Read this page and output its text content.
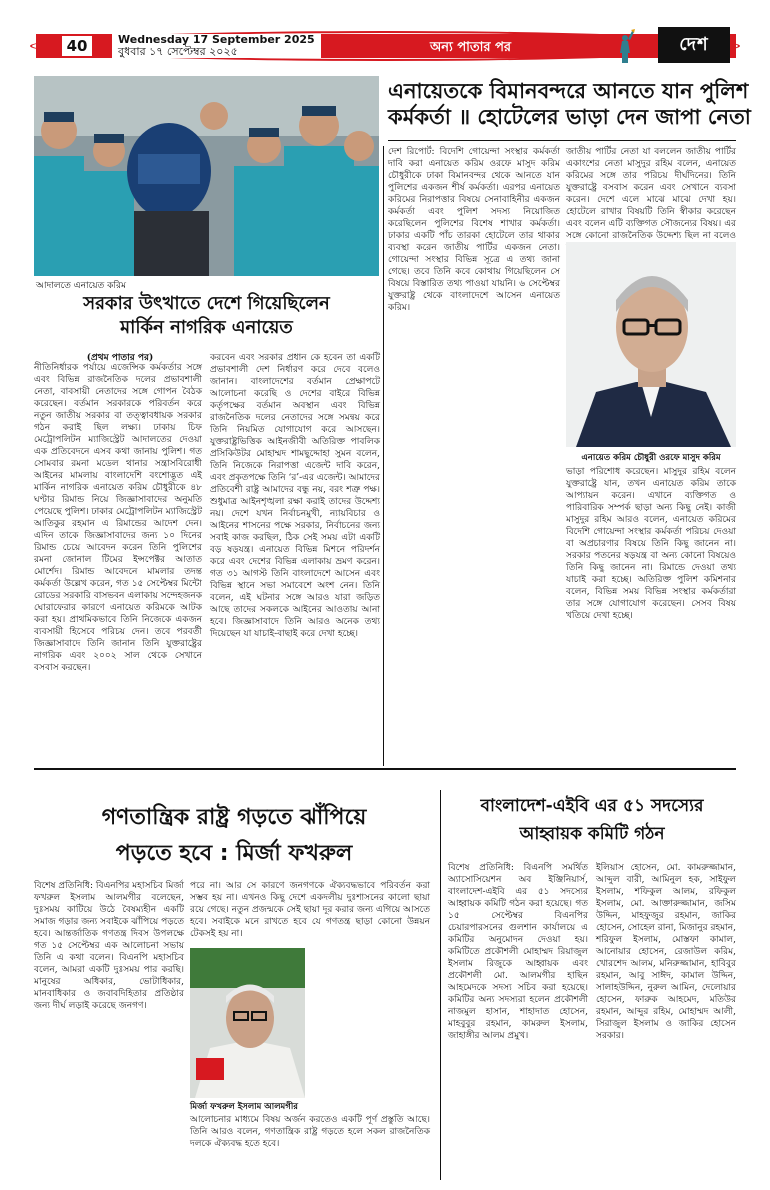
40	Wednesday 17 September 2025
বুধবার ১৭ সেপ্টেম্বর ২০২৫	অন্য পাতার পর	দেশ
আদালতে এনায়েত করিম
এনায়েতকে বিমানবন্দরে আনতে যান পুলিশ
কর্মকর্তা ॥ হোটেলের ভাড়া দেন জাপা নেতা
দেশ রিপোর্ট: বিদেশি গোয়েন্দা সংস্থার কর্মকর্তা দাবি করা এনায়েত করিম ওরফে মাসুদ করিম চৌধুরীকে ঢাকা বিমানবন্দর থেকে আনতে যান পুলিশের একজন শীর্ষ কর্মকর্তা। এরপর এনায়েত করিমের নিরাপত্তার বিষয়ে সেনাবাহিনীর একজন কর্মকর্তা এবং পুলিশ সদস্য নিয়োজিত করেছিলেন পুলিশের বিশেষ শাখার কর্মকর্তা। ঢাকার একটি পাঁচ তারকা হোটেলে তার থাকার ব্যবস্থা করেন জাতীয় পার্টির একজন নেতা। গোয়েন্দা সংস্থার বিভিন্ন সূত্রে এ তথ্য জানা গেছে। তবে তিনি কবে কোথায় গিয়েছিলেন সে বিষয়ে বিস্তারিত তথ্য পাওয়া যায়নি। ৬ সেপ্টেম্বর যুক্তরাষ্ট্র থেকে বাংলাদেশে আসেন এনায়েত করিম।
জাতীয় পার্টির নেতা যা বললেন জাতীয় পার্টির একাংশের নেতা মাসুদুর রহিম বলেন, এনায়েত করিমের সঙ্গে তার পরিচয় দীর্ঘদিনের। তিনি যুক্তরাষ্ট্রে বসবাস করেন এবং সেখানে ব্যবসা করেন। দেশে এলে মাঝে মাঝে দেখা হয়। হোটেলে রাখার বিষয়টি তিনি স্বীকার করেছেন এবং বলেন এটি ব্যক্তিগত সৌজন্যের বিষয়। এর সঙ্গে কোনো রাজনৈতিক উদ্দেশ্য ছিল না বলেও
এনায়েত করিম চৌধুরী ওরফে মাসুদ করিম
ভাড়া পরিশোধ করেছেন। মাসুদুর রহিম বলেন যুক্তরাষ্ট্রে যান, তখন এনায়েত করিম তাকে আপ্যায়ন করেন। এখানে ব্যক্তিগত ও পারিবারিক সম্পর্ক ছাড়া অন্য কিছু নেই। কাজী মাসুদুর রহিম আরও বলেন, এনায়েত করিমের বিদেশি গোয়েন্দা সংস্থার কর্মকর্তা পরিচয় দেওয়া বা অপ্রচারণার বিষয়ে তিনি কিছু জানেন না। সরকার পতনের ষড়যন্ত্র বা অন্য কোনো বিষয়েও তিনি কিছু জানেন না। রিমান্ডে দেওয়া তথ্য যাচাই করা হচ্ছে। অতিরিক্ত পুলিশ কমিশনার বলেন, বিভিন্ন সময় বিভিন্ন সংস্থার কর্মকর্তারা তার সঙ্গে যোগাযোগ করেছেন। সেসব বিষয় খতিয়ে দেখা হচ্ছে।
সরকার উৎখাতে দেশে গিয়েছিলেন
মার্কিন নাগরিক এনায়েত
(প্রথম পাতার পর)
নীতিনির্ধারক পর্যায়ে এজেন্সিক কর্মকর্তার সঙ্গে এবং বিভিন্ন রাজনৈতিক দলের প্রভাবশালী নেতা, বাবসায়ী নেতাদের সঙ্গে গোপন বৈঠক করেছেন। বর্তমান সরকারকে পরিবর্তন করে নতুন জাতীয় সরকার বা তত্ত্বাবধায়ক সরকার গঠন করাই ছিল লক্ষ্য। ঢাকায় চিফ মেট্রোপলিটন ম্যাজিস্ট্রেট আদালতের দেওয়া এক প্রতিবেদনে এসব কথা জানায় পুলিশ। গত সোমবার রমনা মডেল থানার সন্ত্রাসবিরোধী আইনের মামলায় বাংলাদেশি বংশোদ্ভূত এই মার্কিন নাগরিক এনায়েত করিম চৌধুরীকে ৪৮ ঘণ্টার রিমান্ড নিয়ে জিজ্ঞাসাবাদের অনুমতি পেয়েছে পুলিশ। ঢাকার মেট্রোপলিটন ম্যাজিস্ট্রেট আতিকুর রহমান এ রিমান্ডের আদেশ দেন। এদিন তাকে জিজ্ঞাসাবাদের জন্য ১০ দিনের রিমান্ড চেয়ে আবেদন করেন তিনি পুলিশের রমনা জোনাল টিমের ইন্সপেক্টর আতাত মোর্শেদ। রিমান্ড আবেদনে মামলার তদন্ত কর্মকর্তা উল্লেখ করেন, গত ১৫ সেপ্টেম্বর মিন্টো রোডের সরকারি বাসভবন এলাকায় সন্দেহজনক ঘোরাফেরার কারণে এনায়েত করিমকে আটক করা হয়। প্রাথমিকভাবে তিনি নিজেকে একজন ব্যবসায়ী হিসেবে পরিচয় দেন। তবে পরবর্তী জিজ্ঞাসাবাদে তিনি জানান তিনি যুক্তরাষ্ট্রের নাগরিক এবং ২০০২ সাল থেকে সেখানে বসবাস করছেন।
করবেন এবং সরকার প্রধান কে হবেন তা একটি প্রভাবশালী দেশ নির্ধারণ করে দেবে বলেও জানান। বাংলাদেশের বর্তমান প্রেক্ষাপটে আলোচনা করেছি ও দেশের বাইরে বিভিন্ন কর্তৃপক্ষের বর্তমান অবস্থান এবং বিভিন্ন রাজনৈতিক দলের নেতাদের সঙ্গে সমন্বয় করে তিনি নিয়মিত যোগাযোগ করে আসছেন। যুক্তরাষ্ট্রভিত্তিক আইনজীবী অতিরিক্ত পাবলিক প্রসিকিউটর মোহাম্মদ শামছুদ্দোহা সুমন বলেন, তিনি নিজেকে নিরাপত্তা এজেন্ট দাবি করেন, এবং প্রকৃতপক্ষে তিনি ‘র’-এর এজেন্ট। আমাদের প্রতিবেশী রাষ্ট্র আমাদের বন্ধু নয়, বরং শত্রু পক্ষ। শুধুমাত্র আইনশৃঙ্খলা রক্ষা করাই তাদের উদ্দেশ্য নয়। দেশে যখন নির্বাচনমুখী, ন্যায়বিচার ও আইনের শাসনের পক্ষে সরকার, নির্বাচনের জন্য সবাই কাজ করছিল, ঠিক সেই সময় এটা একটি বড় ষড়যন্ত্র। এনায়েত বিভিন্ন মিশনে পরিদর্শন করে এবং দেশের বিভিন্ন এলাকায় ভ্রমণ করেন। গত ৩১ আগস্ট তিনি বাংলাদেশে আসেন এবং বিভিন্ন স্থানে সভা সমাবেশে অংশ নেন। তিনি বলেন, এই ঘটনার সঙ্গে আরও যারা জড়িত আছে তাদের সকলকে আইনের আওতায় আনা হবে। জিজ্ঞাসাবাদে তিনি আরও অনেক তথ্য দিয়েছেন যা যাচাই-বাছাই করে দেখা হচ্ছে।
গণতান্ত্রিক রাষ্ট্র গড়তে ঝাঁপিয়ে
পড়তে হবে : মির্জা ফখরুল
বিশেষ প্রতিনিধি: বিএনপির মহাসচিব মির্জা ফখরুল ইসলাম আলমগীর বলেছেন, দুঃসময় কাটিয়ে উঠে বৈষম্যহীন একটি সমাজ গড়ার জন্য সবাইকে ঝাঁপিয়ে পড়তে হবে। আন্তর্জাতিক গণতন্ত্র দিবস উপলক্ষে গত ১৫ সেপ্টেম্বর এক আলোচনা সভায় তিনি এ কথা বলেন। বিএনপি মহাসচিব বলেন, আমরা একটি দুঃসময় পার করছি। মানুষের অধিকার, ভোটাধিকার, মানবাধিকার ও জবাবদিহিতার প্রতিষ্ঠার জন্য দীর্ঘ লড়াই করেছে জনগণ।
পরে না। আর সে কারণে জনগণকে ঐক্যবদ্ধভাবে পরিবর্তন করা সম্ভব হয় না। এখনও কিছু দেশে একদলীয় দুঃশাসনের কালো ছায়া রয়ে গেছে। নতুন প্রজন্মকে সেই ছায়া দূর করার জন্য এগিয়ে আসতে হবে। সবাইকে মনে রাখতে হবে যে গণতন্ত্র ছাড়া কোনো উন্নয়ন টেকসই হয় না।
মির্জা ফখরুল ইসলাম আলমগীর
আলোচনার মাধ্যমে বিষয় অর্জন করতেও একটি পূর্ণ প্রস্তুতি আছে। তিনি আরও বলেন, গণতান্ত্রিক রাষ্ট্র গড়তে হলে সকল রাজনৈতিক দলকে ঐক্যবদ্ধ হতে হবে।
বাংলাদেশ-এইবি এর ৫১ সদস্যের
আহ্বায়ক কমিটি গঠন
বিশেষ প্রতিনিধি: বিএনপি সমর্থিত অ্যাসোসিয়েশন অব ইঞ্জিনিয়ার্স, বাংলাদেশ-এইবি এর ৫১ সদস্যের আহ্বায়ক কমিটি গঠন করা হয়েছে। গত ১৫ সেপ্টেম্বর বিএনপির চেয়ারপারসনের গুলশান কার্যালয়ে এ কমিটির অনুমোদন দেওয়া হয়। কমিটিতে প্রকৌশলী মোহাম্মদ রিয়াজুল ইসলাম রিজুকে আহ্বায়ক এবং প্রকৌশলী মো. আলমগীর হাছিন আহমেদকে সদস্য সচিব করা হয়েছে। কমিটির অন্য সদস্যরা হলেন প্রকৌশলী নাজমুল হাসান, শাহাদাত হোসেন, মাহবুবুর রহমান, কামরুল ইসলাম, জাহাঙ্গীর আলম প্রমুখ।
ইলিয়াস হোসেন, মো. কামরুজ্জামান, আব্দুল বারী, আমিনুল হক, সাইফুল ইসলাম, শফিকুল আলম, রফিকুল ইসলাম, মো. আক্তারুজ্জামান, জসিম উদ্দিন, মাহফুজুর রহমান, জাকির হোসেন, সোহেল রানা, মিজানুর রহমান, শরিফুল ইসলাম, মোস্তফা কামাল, আনোয়ার হোসেন, রেজাউল করিম, খোরশেদ আলম, মনিরুজ্জামান, হাবিবুর রহমান, আবু সাঈদ, কামাল উদ্দিন, সালাহউদ্দিন, নুরুল আমিন, দেলোয়ার হোসেন, ফারুক আহমেদ, মতিউর রহমান, আব্দুর রহিম, মোহাম্মদ আলী, সিরাজুল ইসলাম ও জাকির হোসেন সরকার।
